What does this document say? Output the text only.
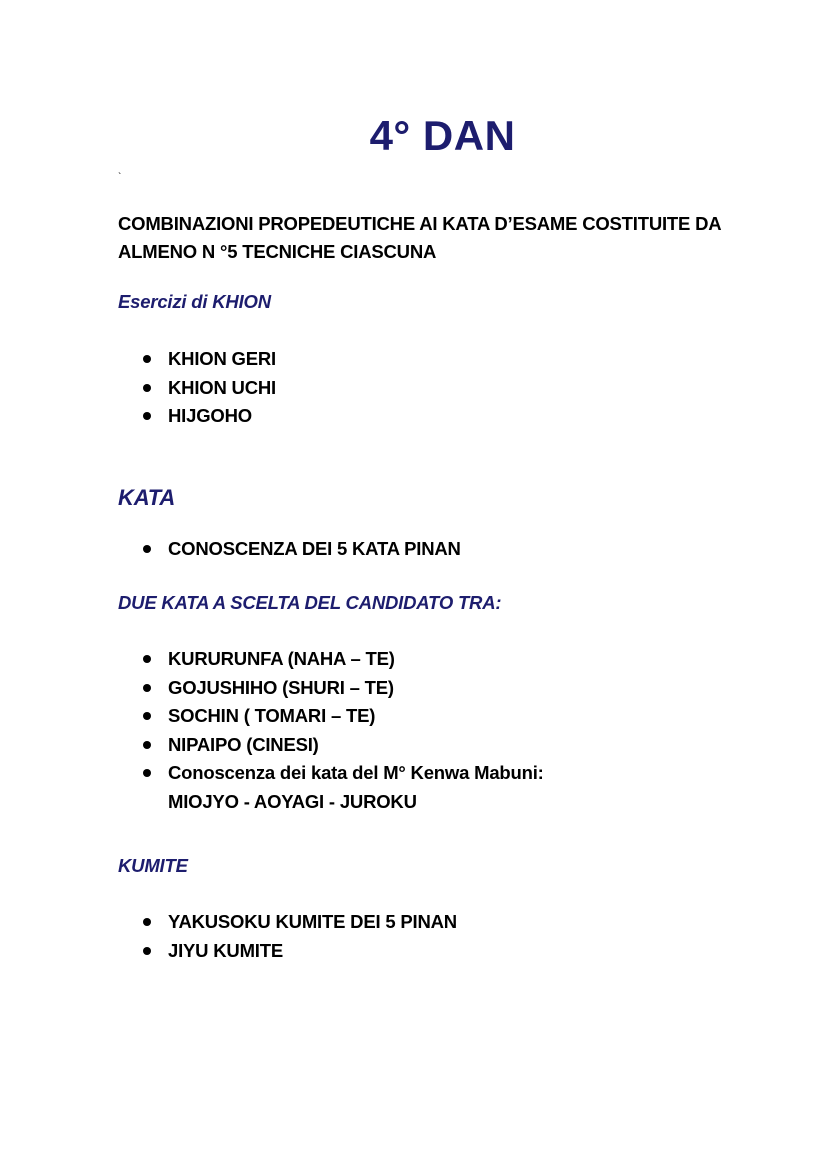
4° DAN
`
COMBINAZIONI PROPEDEUTICHE AI KATA D’ESAME COSTITUITE DA
ALMENO N °5 TECNICHE CIASCUNA
Esercizi di KHION
KHION GERI
KHION UCHI
HIJGOHO
KATA
CONOSCENZA DEI 5 KATA PINAN
DUE KATA A SCELTA DEL CANDIDATO TRA:
KURURUNFA (NAHA – TE)
GOJUSHIHO (SHURI – TE)
SOCHIN ( TOMARI – TE)
NIPAIPO (CINESI)
Conoscenza dei kata del M° Kenwa Mabuni:
MIOJYO - AOYAGI - JUROKU
KUMITE
YAKUSOKU KUMITE DEI 5 PINAN
JIYU KUMITE
